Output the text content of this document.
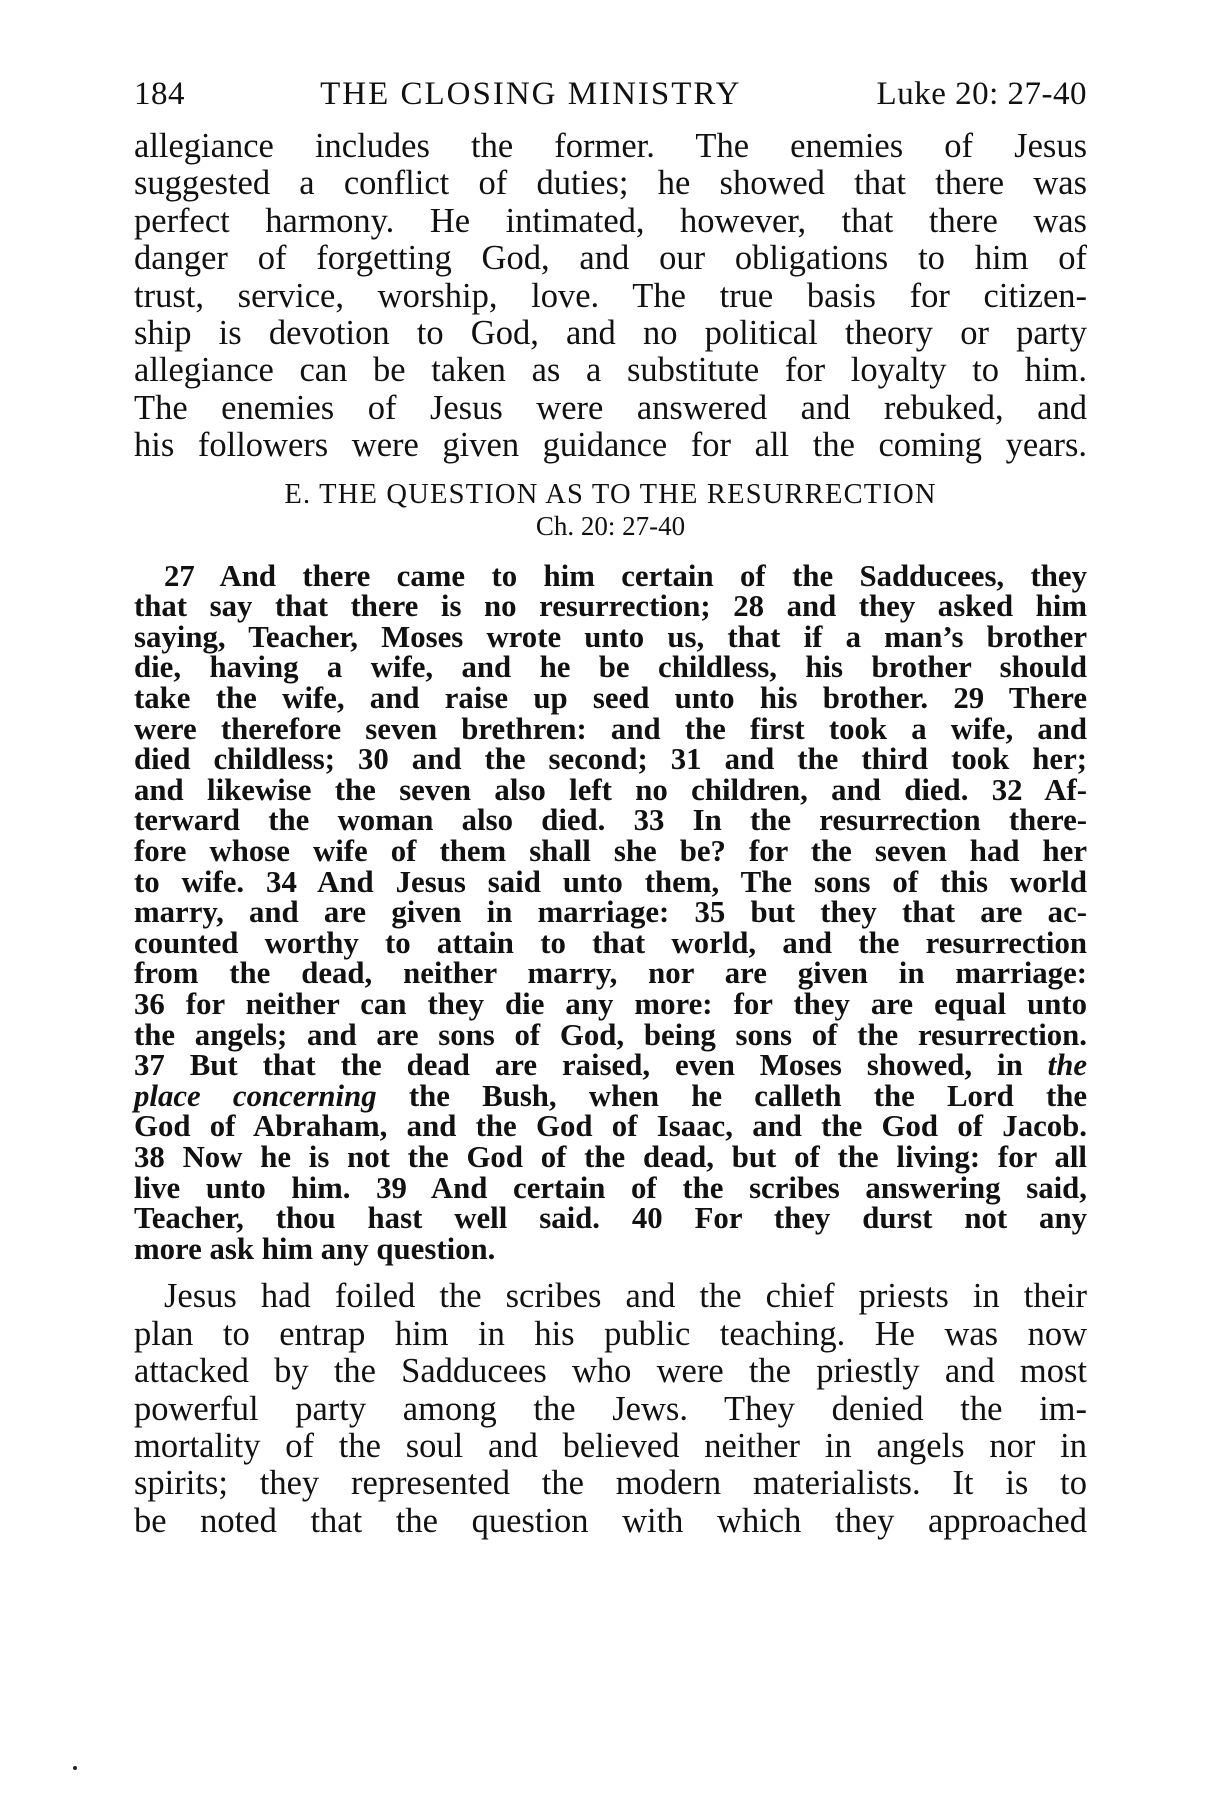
184	THE CLOSING MINISTRY	Luke 20: 27-40
allegiance includes the former. The enemies of Jesus
suggested a conflict of duties; he showed that there was
perfect harmony. He intimated, however, that there was
danger of forgetting God, and our obligations to him of
trust, service, worship, love. The true basis for citizen-
ship is devotion to God, and no political theory or party
allegiance can be taken as a substitute for loyalty to him.
The enemies of Jesus were answered and rebuked, and
his followers were given guidance for all the coming years.
E. THE QUESTION AS TO THE RESURRECTION
Ch. 20: 27-40
27 And there came to him certain of the Sadducees, they
that say that there is no resurrection; 28 and they asked him
saying, Teacher, Moses wrote unto us, that if a man’s brother
die, having a wife, and he be childless, his brother should
take the wife, and raise up seed unto his brother. 29 There
were therefore seven brethren: and the first took a wife, and
died childless; 30 and the second; 31 and the third took her;
and likewise the seven also left no children, and died. 32 Af-
terward the woman also died. 33 In the resurrection there-
fore whose wife of them shall she be? for the seven had her
to wife. 34 And Jesus said unto them, The sons of this world
marry, and are given in marriage: 35 but they that are ac-
counted worthy to attain to that world, and the resurrection
from the dead, neither marry, nor are given in marriage:
36 for neither can they die any more: for they are equal unto
the angels; and are sons of God, being sons of the resurrection.
37 But that the dead are raised, even Moses showed, in the
place concerning the Bush, when he calleth the Lord the
God of Abraham, and the God of Isaac, and the God of Jacob.
38 Now he is not the God of the dead, but of the living: for all
live unto him. 39 And certain of the scribes answering said,
Teacher, thou hast well said. 40 For they durst not any
more ask him any question.
Jesus had foiled the scribes and the chief priests in their
plan to entrap him in his public teaching. He was now
attacked by the Sadducees who were the priestly and most
powerful party among the Jews. They denied the im-
mortality of the soul and believed neither in angels nor in
spirits; they represented the modern materialists. It is to
be noted that the question with which they approached
